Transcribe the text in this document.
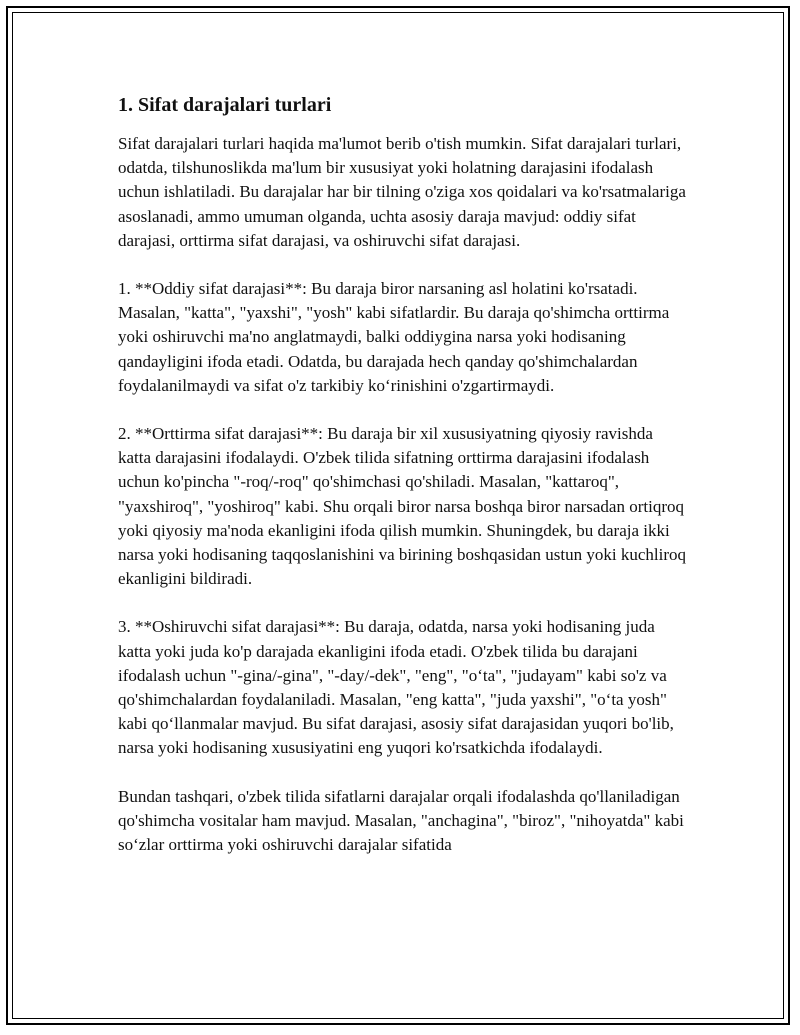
1. Sifat darajalari turlari

Sifat darajalari turlari haqida ma'lumot berib o'tish mumkin. Sifat darajalari turlari, odatda, tilshunoslikda ma'lum bir xususiyat yoki holatning darajasini ifodalash uchun ishlatiladi. Bu darajalar har bir tilning o'ziga xos qoidalari va ko'rsatmalariga asoslanadi, ammo umuman olganda, uchta asosiy daraja mavjud: oddiy sifat darajasi, orttirma sifat darajasi, va oshiruvchi sifat darajasi.

1. **Oddiy sifat darajasi**: Bu daraja biror narsaning asl holatini ko'rsatadi. Masalan, "katta", "yaxshi", "yosh" kabi sifatlardir. Bu daraja qo'shimcha orttirma yoki oshiruvchi ma'no anglatmaydi, balki oddiygina narsa yoki hodisaning qandayligini ifoda etadi. Odatda, bu darajada hech qanday qo'shimchalardan foydalanilmaydi va sifat o'z tarkibiy ko‘rinishini o'zgartirmaydi.

2. **Orttirma sifat darajasi**: Bu daraja bir xil xususiyatning qiyosiy ravishda katta darajasini ifodalaydi. O'zbek tilida sifatning orttirma darajasini ifodalash uchun ko'pincha "-roq/-roq" qo'shimchasi qo'shiladi. Masalan, "kattaroq", "yaxshiroq", "yoshiroq" kabi. Shu orqali biror narsa boshqa biror narsadan ortiqroq yoki qiyosiy ma'noda ekanligini ifoda qilish mumkin. Shuningdek, bu daraja ikki narsa yoki hodisaning taqqoslanishini va birining boshqasidan ustun yoki kuchliroq ekanligini bildiradi.

3. **Oshiruvchi sifat darajasi**: Bu daraja, odatda, narsa yoki hodisaning juda katta yoki juda ko'p darajada ekanligini ifoda etadi. O'zbek tilida bu darajani ifodalash uchun "-gina/-gina", "-day/-dek", "eng", "o‘ta", "judayam" kabi so'z va qo'shimchalardan foydalaniladi. Masalan, "eng katta", "juda yaxshi", "o‘ta yosh" kabi qo‘llanmalar mavjud. Bu sifat darajasi, asosiy sifat darajasidan yuqori bo'lib, narsa yoki hodisaning xususiyatini eng yuqori ko'rsatkichda ifodalaydi.

Bundan tashqari, o'zbek tilida sifatlarni darajalar orqali ifodalashda qo'llaniladigan qo'shimcha vositalar ham mavjud. Masalan, "anchagina", "biroz", "nihoyatda" kabi so‘zlar orttirma yoki oshiruvchi darajalar sifatida
